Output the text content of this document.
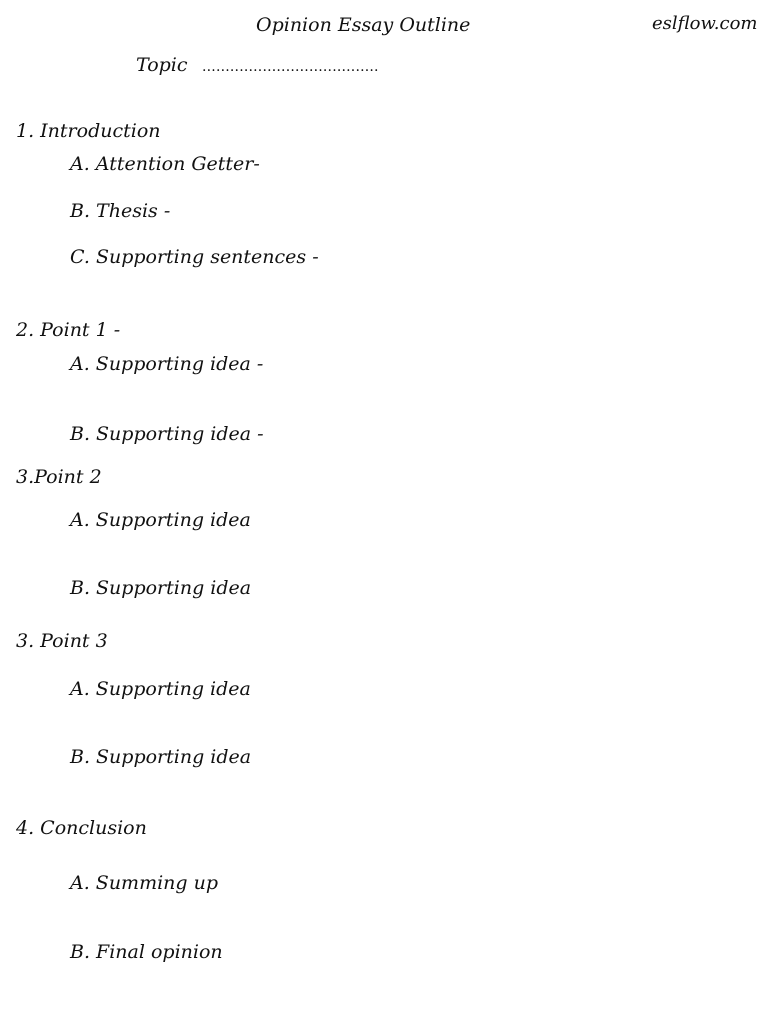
Opinion Essay Outline	eslflow.com
Topic ......................................
1. Introduction
A. Attention Getter-
B. Thesis -
C. Supporting sentences -
2. Point 1 -
A. Supporting idea -
B. Supporting idea -
3.Point 2
A. Supporting idea
B. Supporting idea
3. Point 3
A. Supporting idea
B. Supporting idea
4. Conclusion
A. Summing up
B. Final opinion
